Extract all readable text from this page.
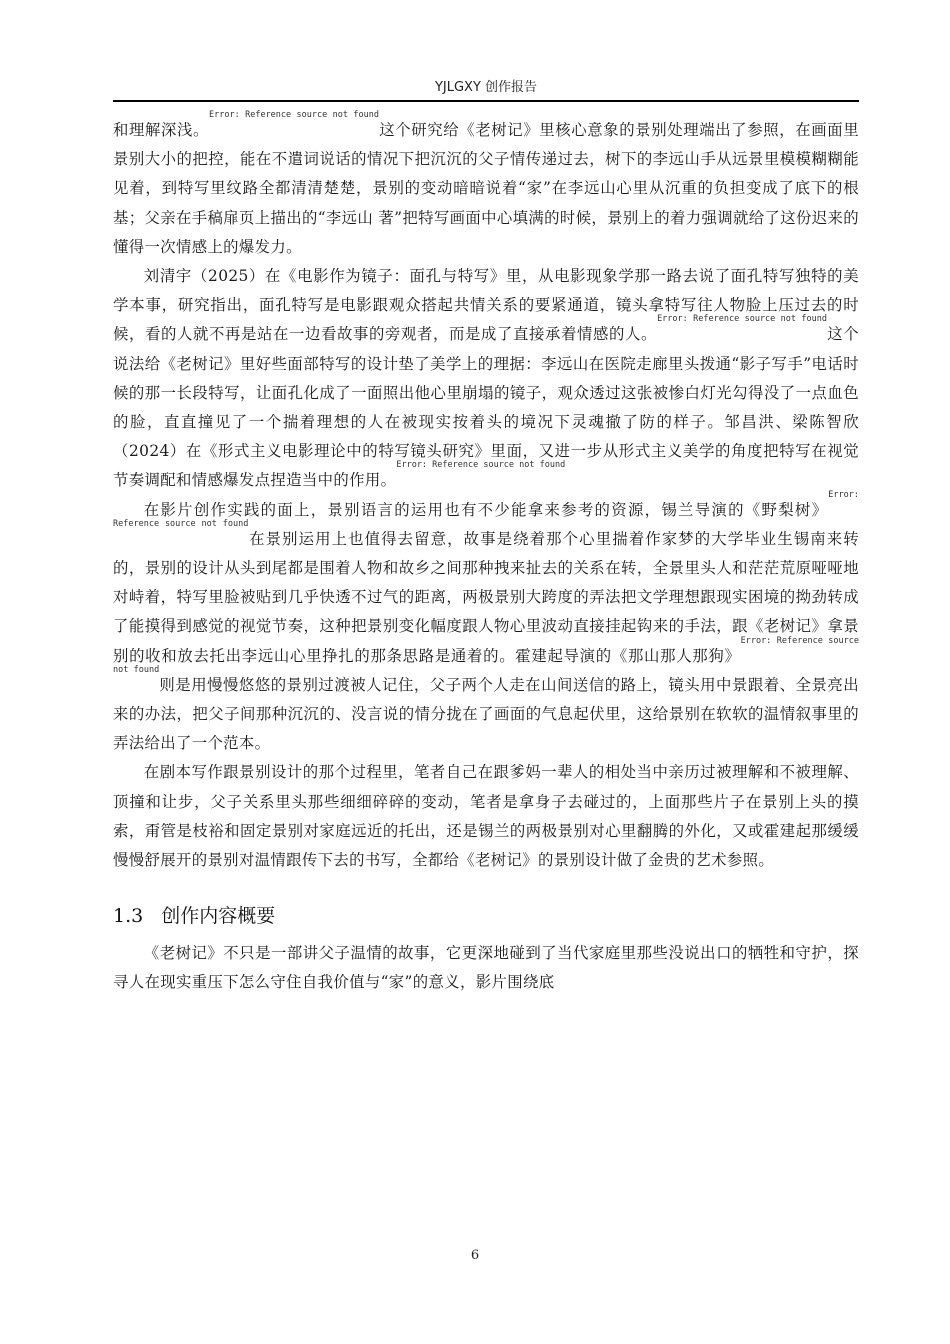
YJLGXY 创作报告

和理解深浅。$^{Error: Reference source not found}$这个研究给《老树记》里核心意象的景别处理端出了参照，在画面里景别大小的把控，能在不遣词说话的情况下把沉沉的父子情传递过去，树下的李远山手从远景里模模糊糊能见着，到特写里纹路全都清清楚楚，景别的变动暗暗说着“家”在李远山心里从沉重的负担变成了底下的根基；父亲在手稿扉页上描出的“李远山 著”把特写画面中心填满的时候，景别上的着力强调就给了这份迟来的懂得一次情感上的爆发力。

刘清宇（2025）在《电影作为镜子：面孔与特写》里，从电影现象学那一路去说了面孔特写独特的美学本事，研究指出，面孔特写是电影跟观众搭起共情关系的要紧通道，镜头拿特写往人物脸上压过去的时候，看的人就不再是站在一边看故事的旁观者，而是成了直接承着情感的人。$^{Error: Reference source not found}$这个说法给《老树记》里好些面部特写的设计垫了美学上的理据：李远山在医院走廊里头拨通“影子写手”电话时候的那一长段特写，让面孔化成了一面照出他心里崩塌的镜子，观众透过这张被惨白灯光勾得没了一点血色的脸，直直撞见了一个揣着理想的人在被现实按着头的境况下灵魂撤了防的样子。邹昌洪、梁陈智欣（2024）在《形式主义电影理论中的特写镜头研究》里面，又进一步从形式主义美学的角度把特写在视觉节奏调配和情感爆发点捏造当中的作用。$^{Error: Reference source not found}$

在影片创作实践的面上，景别语言的运用也有不少能拿来参考的资源，锡兰导演的《野梨树》$^{Error: Reference source not found}$在景别运用上也值得去留意，故事是绕着那个心里揣着作家梦的大学毕业生锡南来转的，景别的设计从头到尾都是围着人物和故乡之间那种拽来扯去的关系在转，全景里头人和茫茫荒原哑哑地对峙着，特写里脸被贴到几乎快透不过气的距离，两极景别大跨度的弄法把文学理想跟现实困境的拗劲转成了能摸得到感觉的视觉节奏，这种把景别变化幅度跟人物心里波动直接挂起钩来的手法，跟《老树记》拿景别的收和放去托出李远山心里挣扎的那条思路是通着的。霍建起导演的《那山那人那狗》$^{Error: Reference source not found}$则是用慢慢悠悠的景别过渡被人记住，父子两个人走在山间送信的路上，镜头用中景跟着、全景亮出来的办法，把父子间那种沉沉的、没言说的情分拢在了画面的气息起伏里，这给景别在软软的温情叙事里的弄法给出了一个范本。

在剧本写作跟景别设计的那个过程里，笔者自己在跟爹妈一辈人的相处当中亲历过被理解和不被理解、顶撞和让步，父子关系里头那些细细碎碎的变动，笔者是拿身子去碰过的，上面那些片子在景别上头的摸索，甭管是枝裕和固定景别对家庭远近的托出，还是锡兰的两极景别对心里翻腾的外化，又或霍建起那缓缓慢慢舒展开的景别对温情跟传下去的书写，全都给《老树记》的景别设计做了金贵的艺术参照。

1.3 创作内容概要

《老树记》不只是一部讲父子温情的故事，它更深地碰到了当代家庭里那些没说出口的牺牲和守护，探寻人在现实重压下怎么守住自我价值与“家”的意义，影片围绕底

6
